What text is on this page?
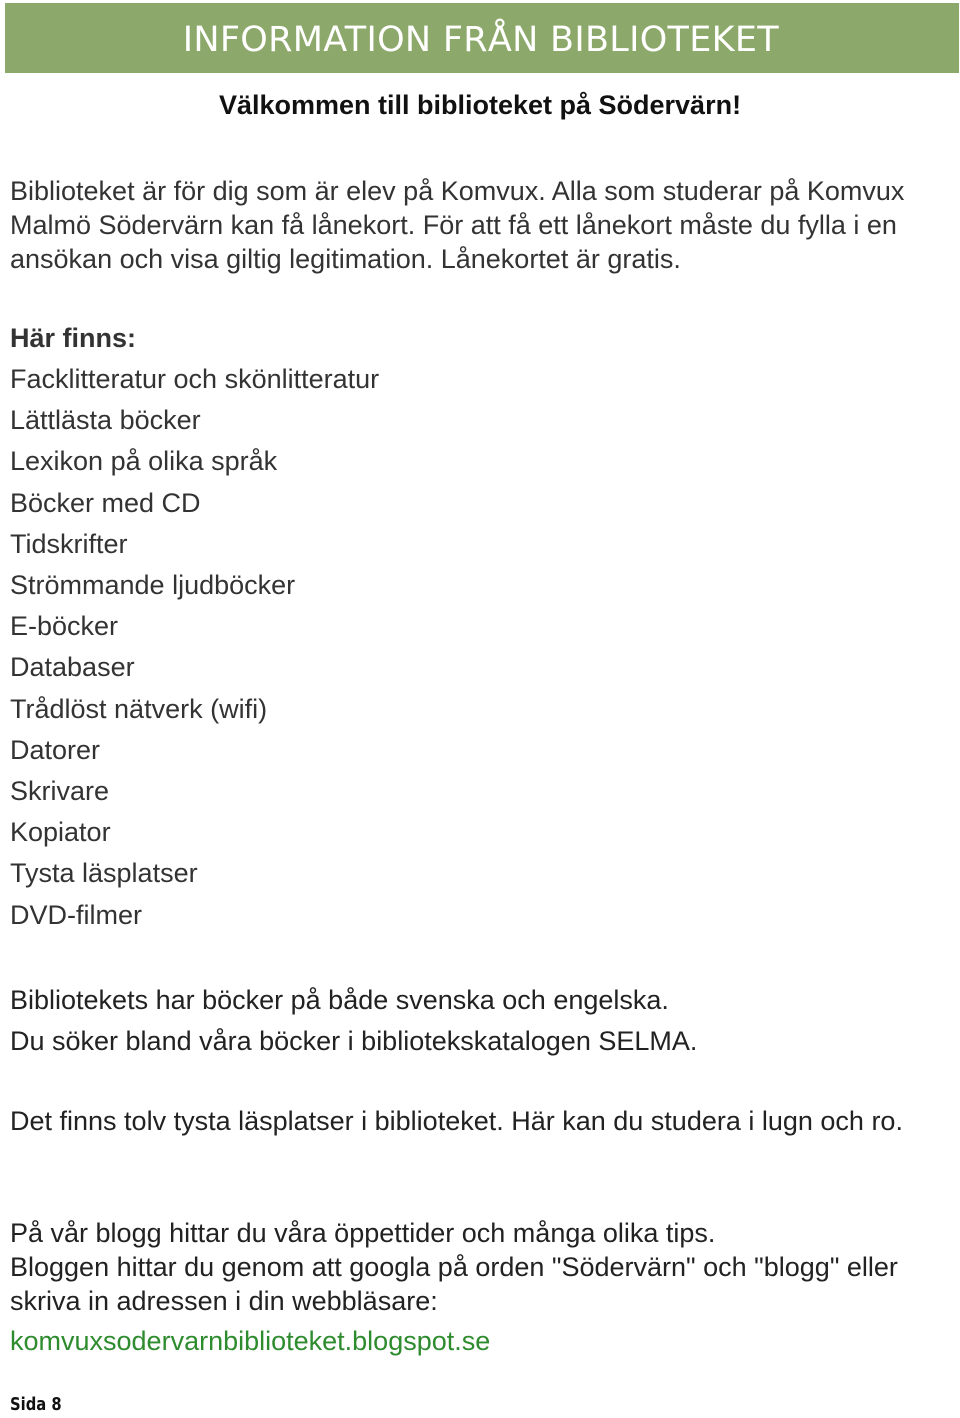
INFORMATION FRÅN BIBLIOTEKET
Välkommen till biblioteket på Södervärn!
Biblioteket är för dig som är elev på Komvux. Alla som studerar på Komvux Malmö Södervärn kan få lånekort. För att få ett lånekort måste du fylla i en ansökan och visa giltig legitimation. Lånekortet är gratis.
Här finns:
Facklitteratur och skönlitteratur
Lättlästa böcker
Lexikon på olika språk
Böcker med CD
Tidskrifter
Strömmande ljudböcker
E-böcker
Databaser
Trådlöst nätverk (wifi)
Datorer
Skrivare
Kopiator
Tysta läsplatser
DVD-filmer
Bibliotekets har böcker på både svenska och engelska.
Du söker bland våra böcker i bibliotekskatalogen SELMA.
Det finns tolv tysta läsplatser i biblioteket. Här kan du studera i lugn och ro.
På vår blogg hittar du våra öppettider och många olika tips.
Bloggen hittar du genom att googla på orden "Södervärn" och "blogg" eller skriva in adressen i din webbläsare:
komvuxsodervarnbiblioteket.blogspot.se
Sida 8
